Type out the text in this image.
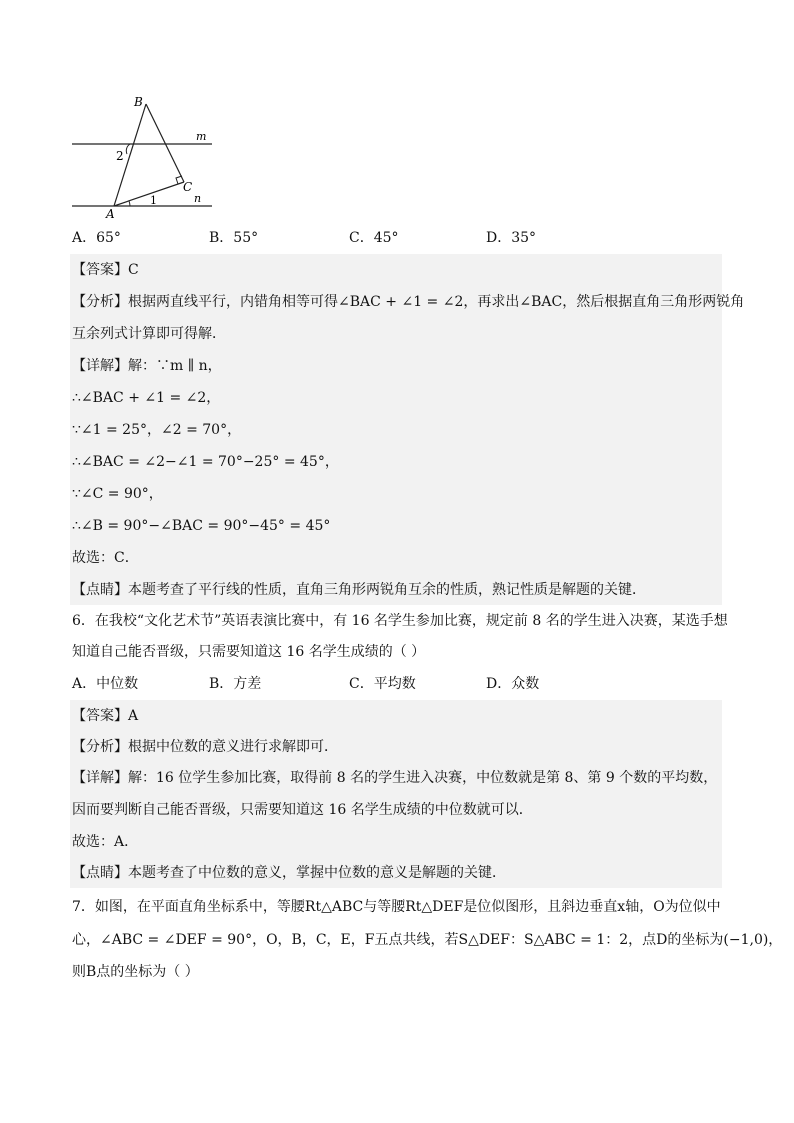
B
C
A
m
n
2
1
A．65°	B．55°	C．45°	D．35°
【答案】C
【分析】根据两直线平行，内错角相等可得∠BAC + ∠1 = ∠2，再求出∠BAC，然后根据直角三角形两锐角
互余列式计算即可得解．
【详解】解：∵m ∥ n，
∴∠BAC + ∠1 = ∠2，
∵∠1 = 25°，∠2 = 70°，
∴∠BAC = ∠2−∠1 = 70°−25° = 45°，
∵∠C = 90°，
∴∠B = 90°−∠BAC = 90°−45° = 45°
故选：C．
【点睛】本题考查了平行线的性质，直角三角形两锐角互余的性质，熟记性质是解题的关键．
6．在我校“文化艺术节”英语表演比赛中，有 16 名学生参加比赛，规定前 8 名的学生进入决赛，某选手想
知道自己能否晋级，只需要知道这 16 名学生成绩的（ ）
A．中位数	B．方差	C．平均数	D．众数
【答案】A
【分析】根据中位数的意义进行求解即可．
【详解】解：16 位学生参加比赛，取得前 8 名的学生进入决赛，中位数就是第 8、第 9 个数的平均数，
因而要判断自己能否晋级，只需要知道这 16 名学生成绩的中位数就可以．
故选：A．
【点睛】本题考查了中位数的意义，掌握中位数的意义是解题的关键．
7．如图，在平面直角坐标系中，等腰Rt△ABC与等腰Rt△DEF是位似图形，且斜边垂直x轴，O为位似中
心，∠ABC = ∠DEF = 90°，O，B，C，E，F五点共线，若S△DEF：S△ABC = 1：2，点D的坐标为(−1,0)，
则B点的坐标为（ ）
